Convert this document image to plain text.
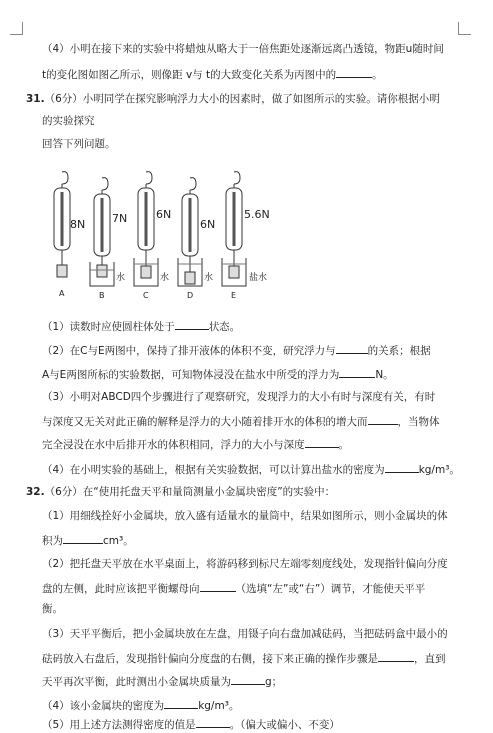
（4）小明在接下来的实验中将蜡烛从略大于一倍焦距处逐渐远离凸透镜，物距u随时间
t的变化图如图乙所示，则像距 v与 t的大致变化关系为丙图中的	。
31.（6分）小明同学在探究影响浮力大小的因素时，做了如图所示的实验。请你根据小明
的实验探究
回答下列问题。
8N 7N	6N
6N
5.6N
水	水	水	盐水
A	B	C	D	E
（1）读数时应使圆柱体处于	状态。
（2）在C与E两图中，保持了排开液体的体积不变，研究浮力与	的关系；根据
A与E两图所标的实验数据，可知物体浸没在盐水中所受的浮力为	N。
（3）小明对ABCD四个步骤进行了观察研究，发现浮力的大小有时与深度有关，有时
与深度又无关对此正确的解释是浮力的大小随着排开水的体积的增大而	，当物体
完全浸没在水中后排开水的体积相同，浮力的大小与深度	。
（4）在小明实验的基础上，根据有关实验数据，可以计算出盐水的密度为	kg/m³。
32.（6分）在“使用托盘天平和量筒测量小金属块密度”的实验中：
（1）用细线拴好小金属块，放入盛有适量水的量筒中，结果如图所示，则小金属块的体
积为	cm³。
（2）把托盘天平放在水平桌面上，将游码移到标尺左端零刻度线处，发现指针偏向分度
盘的左侧，此时应该把平衡螺母向	（选填“左”或“右”）调节，才能使天平平
衡。
（3）天平平衡后，把小金属块放在左盘，用镊子向右盘加减砝码，当把砝码盒中最小的
砝码放入右盘后，发现指针偏向分度盘的右侧，接下来正确的操作步骤是	，直到
天平再次平衡，此时测出小金属块质量为	g；
（4）该小金属块的密度为	kg/m³。
（5）用上述方法测得密度的值是	。（偏大或偏小、不变）
